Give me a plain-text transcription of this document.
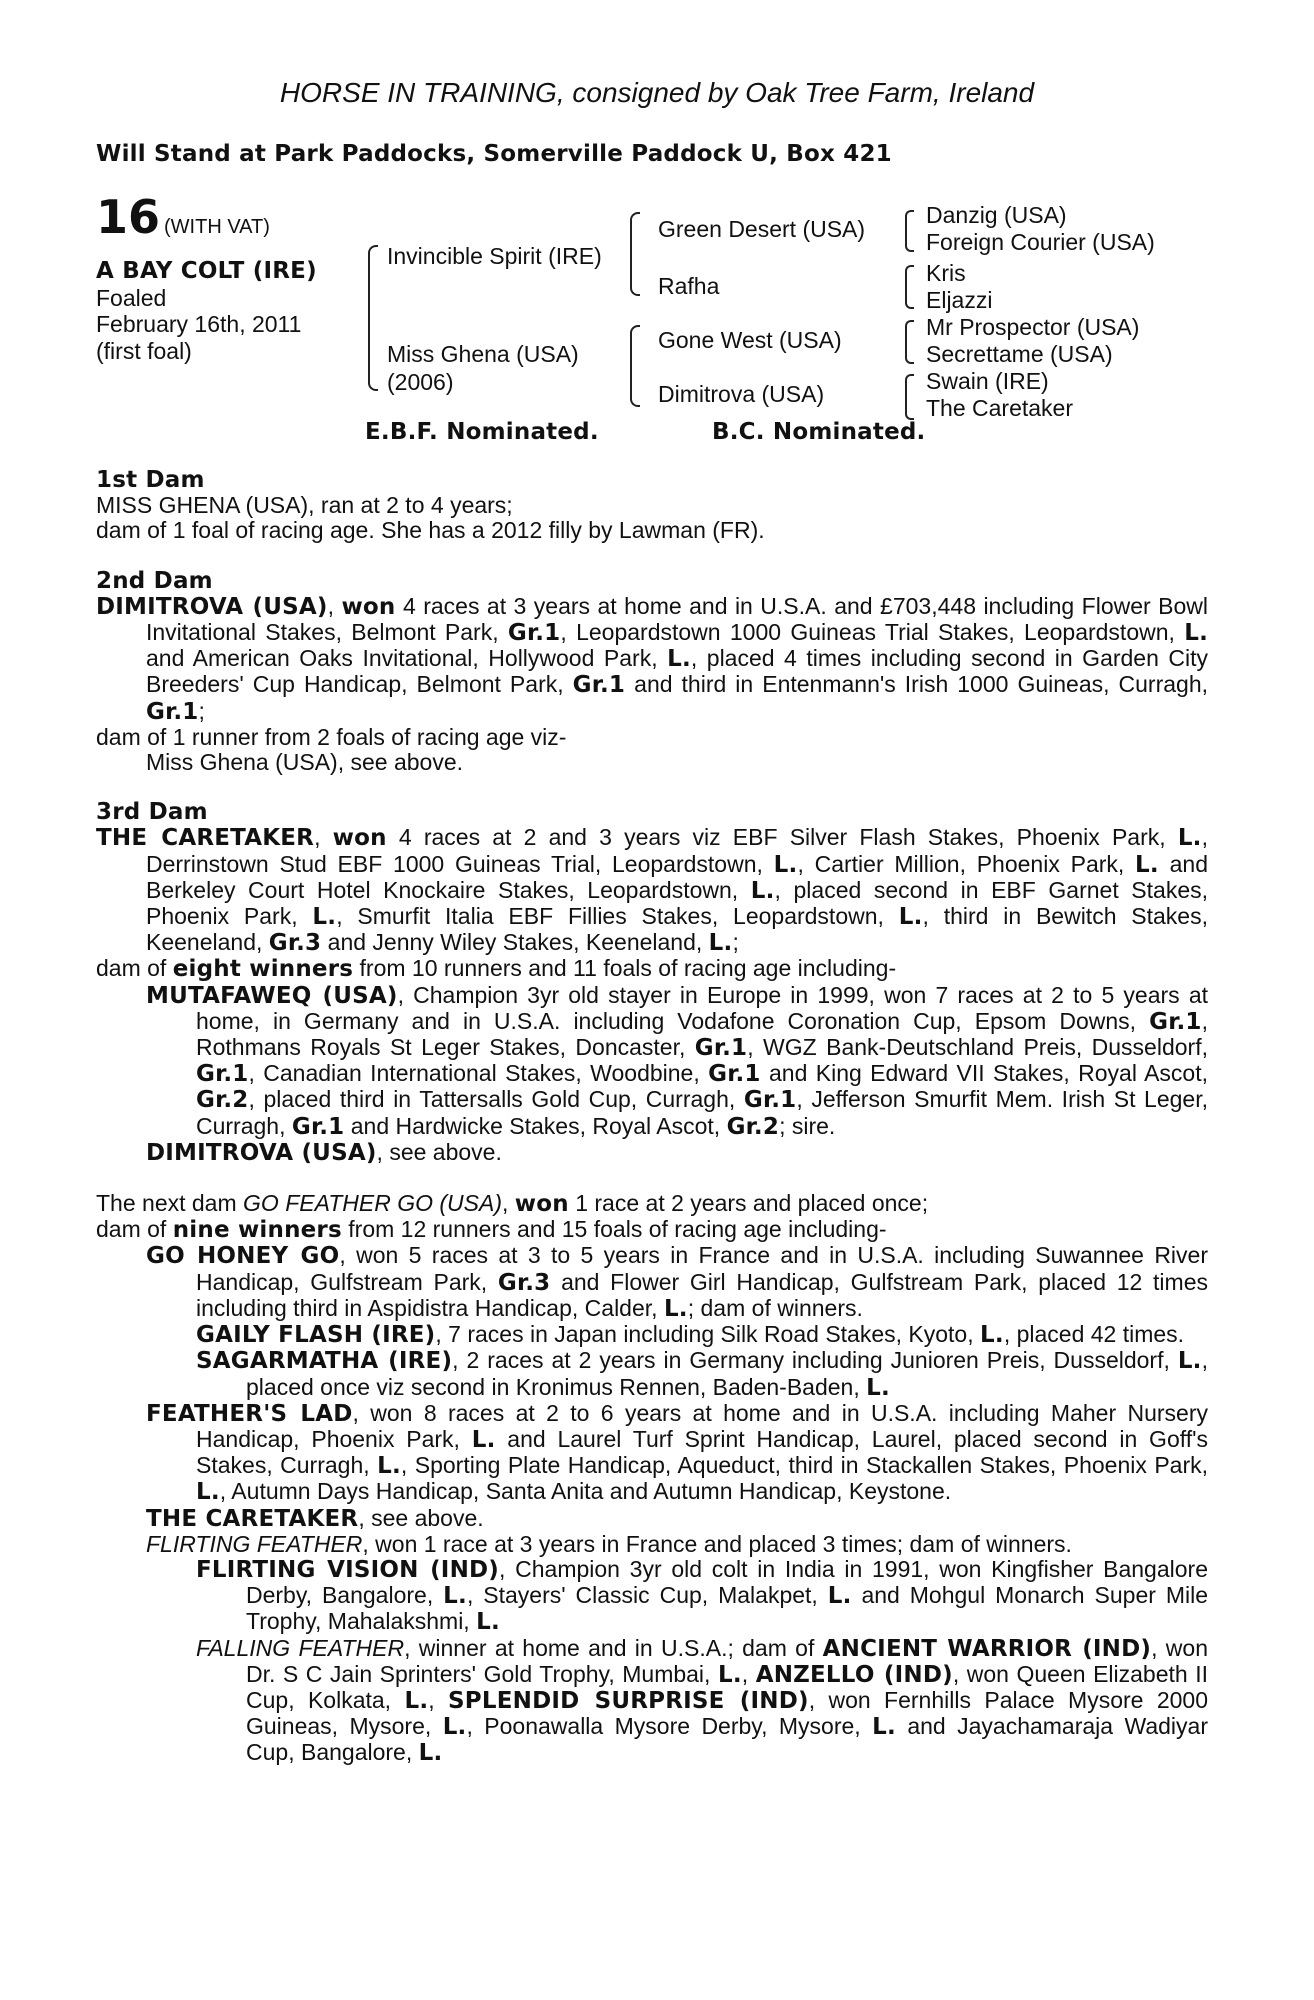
HORSE IN TRAINING, consigned by Oak Tree Farm, Ireland
Will Stand at Park Paddocks, Somerville Paddock U, Box 421
16 (WITH VAT)
A BAY COLT (IRE)
Foaled
February 16th, 2011
(first foal)
Invincible Spirit (IRE)
Miss Ghena (USA)
(2006)
Green Desert (USA)
Rafha
Gone West (USA)
Dimitrova (USA)
Danzig (USA)
Foreign Courier (USA)
Kris
Eljazzi
Mr Prospector (USA)
Secrettame (USA)
Swain (IRE)
The Caretaker
E.B.F. Nominated.	B.C. Nominated.
1st Dam
MISS GHENA (USA), ran at 2 to 4 years;
dam of 1 foal of racing age. She has a 2012 filly by Lawman (FR).
2nd Dam
DIMITROVA (USA), won 4 races at 3 years at home and in U.S.A. and £703,448 including Flower Bowl Invitational Stakes, Belmont Park, Gr.1, Leopardstown 1000 Guineas Trial Stakes, Leopardstown, L. and American Oaks Invitational, Hollywood Park, L., placed 4 times including second in Garden City Breeders' Cup Handicap, Belmont Park, Gr.1 and third in Entenmann's Irish 1000 Guineas, Curragh, Gr.1;
dam of 1 runner from 2 foals of racing age viz-
Miss Ghena (USA), see above.
3rd Dam
THE CARETAKER, won 4 races at 2 and 3 years viz EBF Silver Flash Stakes, Phoenix Park, L., Derrinstown Stud EBF 1000 Guineas Trial, Leopardstown, L., Cartier Million, Phoenix Park, L. and Berkeley Court Hotel Knockaire Stakes, Leopardstown, L., placed second in EBF Garnet Stakes, Phoenix Park, L., Smurfit Italia EBF Fillies Stakes, Leopardstown, L., third in Bewitch Stakes, Keeneland, Gr.3 and Jenny Wiley Stakes, Keeneland, L.;
dam of eight winners from 10 runners and 11 foals of racing age including-
MUTAFAWEQ (USA), Champion 3yr old stayer in Europe in 1999, won 7 races at 2 to 5 years at home, in Germany and in U.S.A. including Vodafone Coronation Cup, Epsom Downs, Gr.1, Rothmans Royals St Leger Stakes, Doncaster, Gr.1, WGZ Bank-Deutschland Preis, Dusseldorf, Gr.1, Canadian International Stakes, Woodbine, Gr.1 and King Edward VII Stakes, Royal Ascot, Gr.2, placed third in Tattersalls Gold Cup, Curragh, Gr.1, Jefferson Smurfit Mem. Irish St Leger, Curragh, Gr.1 and Hardwicke Stakes, Royal Ascot, Gr.2; sire.
DIMITROVA (USA), see above.
The next dam GO FEATHER GO (USA), won 1 race at 2 years and placed once;
dam of nine winners from 12 runners and 15 foals of racing age including-
GO HONEY GO, won 5 races at 3 to 5 years in France and in U.S.A. including Suwannee River Handicap, Gulfstream Park, Gr.3 and Flower Girl Handicap, Gulfstream Park, placed 12 times including third in Aspidistra Handicap, Calder, L.; dam of winners.
GAILY FLASH (IRE), 7 races in Japan including Silk Road Stakes, Kyoto, L., placed 42 times.
SAGARMATHA (IRE), 2 races at 2 years in Germany including Junioren Preis, Dusseldorf, L., placed once viz second in Kronimus Rennen, Baden-Baden, L.
FEATHER'S LAD, won 8 races at 2 to 6 years at home and in U.S.A. including Maher Nursery Handicap, Phoenix Park, L. and Laurel Turf Sprint Handicap, Laurel, placed second in Goff's Stakes, Curragh, L., Sporting Plate Handicap, Aqueduct, third in Stackallen Stakes, Phoenix Park, L., Autumn Days Handicap, Santa Anita and Autumn Handicap, Keystone.
THE CARETAKER, see above.
FLIRTING FEATHER, won 1 race at 3 years in France and placed 3 times; dam of winners.
FLIRTING VISION (IND), Champion 3yr old colt in India in 1991, won Kingfisher Bangalore Derby, Bangalore, L., Stayers' Classic Cup, Malakpet, L. and Mohgul Monarch Super Mile Trophy, Mahalakshmi, L.
FALLING FEATHER, winner at home and in U.S.A.; dam of ANCIENT WARRIOR (IND), won Dr. S C Jain Sprinters' Gold Trophy, Mumbai, L., ANZELLO (IND), won Queen Elizabeth II Cup, Kolkata, L., SPLENDID SURPRISE (IND), won Fernhills Palace Mysore 2000 Guineas, Mysore, L., Poonawalla Mysore Derby, Mysore, L. and Jayachamaraja Wadiyar Cup, Bangalore, L.
